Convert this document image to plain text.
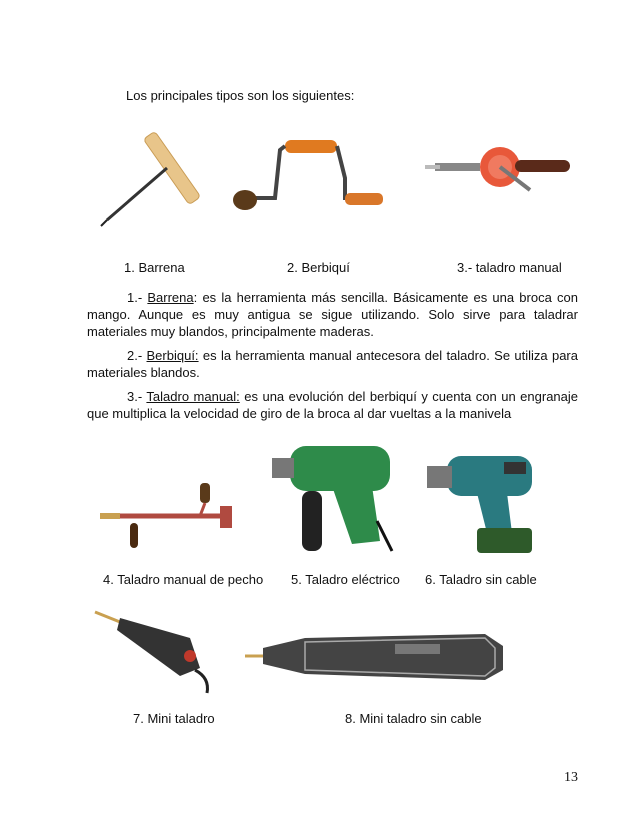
Los principales tipos son los siguientes:
1. Barrena	2. Berbiquí	3.- taladro manual
1.- Barrena: es la herramienta más sencilla. Básicamente es una broca con mango. Aunque es muy antigua se sigue utilizando. Solo sirve para taladrar materiales muy blandos, principalmente maderas.
2.- Berbiquí: es la herramienta manual antecesora del taladro. Se utiliza para materiales blandos.
3.- Taladro manual: es una evolución del berbiquí y cuenta con un engranaje que multiplica la velocidad de giro de la broca al dar vueltas a la manivela
4. Taladro manual de pecho 5. Taladro eléctrico 6. Taladro sin cable
7. Mini taladro	8. Mini taladro sin cable
13
